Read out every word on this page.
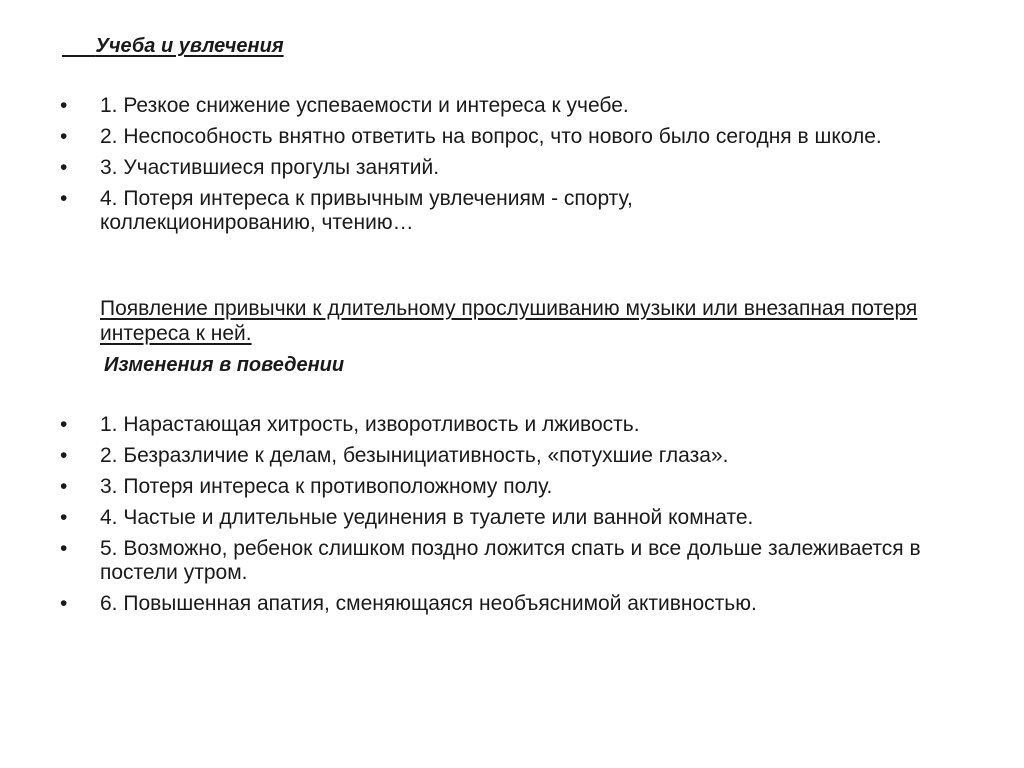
Учеба и увлечения
• 1. Резкое снижение успеваемости и интереса к учебе.
• 2. Неспособность внятно ответить на вопрос, что нового было сегодня в школе.
• 3. Участившиеся прогулы занятий.
• 4. Потеря интереса к привычным увлечениям - спорту, коллекционированию, чтению…
Появление привычки к длительному прослушиванию музыки или внезапная потеря интереса к ней.
Изменения в поведении
• 1. Нарастающая хитрость, изворотливость и лживость.
• 2. Безразличие к делам, безынициативность, «потухшие глаза».
• 3. Потеря интереса к противоположному полу.
• 4. Частые и длительные уединения в туалете или ванной комнате.
• 5. Возможно, ребенок слишком поздно ложится спать и все дольше залеживается в постели утром.
• 6. Повышенная апатия, сменяющаяся необъяснимой активностью.
